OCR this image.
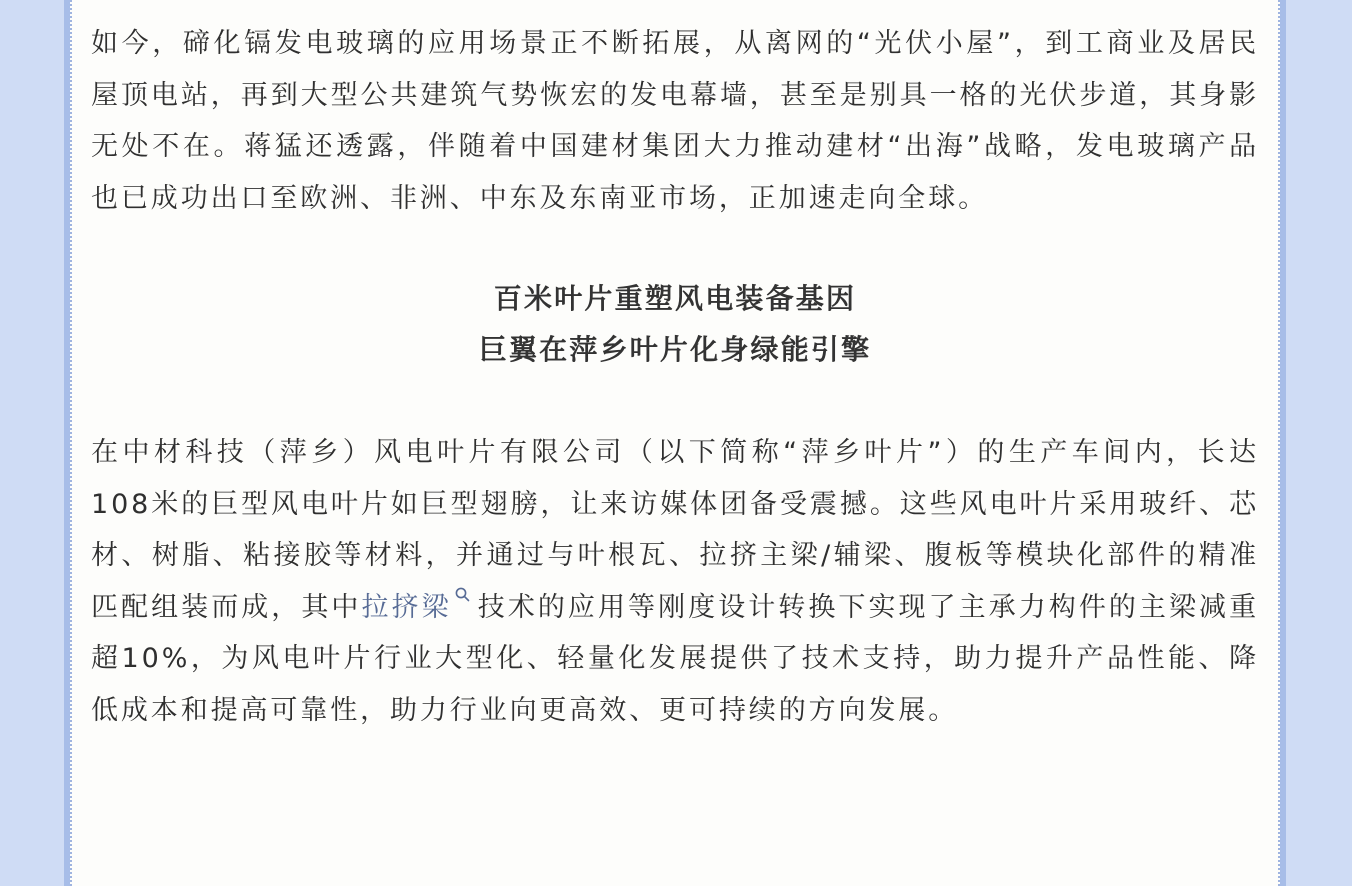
如今，碲化镉发电玻璃的应用场景正不断拓展，从离网的“光伏小屋”，到工商业及居民屋顶电站，再到大型公共建筑气势恢宏的发电幕墙，甚至是别具一格的光伏步道，其身影无处不在。蒋猛还透露，伴随着中国建材集团大力推动建材“出海”战略，发电玻璃产品也已成功出口至欧洲、非洲、中东及东南亚市场，正加速走向全球。

百米叶片重塑风电装备基因

巨翼在萍乡叶片化身绿能引擎

在中材科技（萍乡）风电叶片有限公司（以下简称“萍乡叶片”）的生产车间内，长达108米的巨型风电叶片如巨型翅膀，让来访媒体团备受震撼。这些风电叶片采用玻纤、芯材、树脂、粘接胶等材料，并通过与叶根瓦、拉挤主梁/辅梁、腹板等模块化部件的精准匹配组装而成，其中拉挤梁 技术的应用等刚度设计转换下实现了主承力构件的主梁减重超10%，为风电叶片行业大型化、轻量化发展提供了技术支持，助力提升产品性能、降低成本和提高可靠性，助力行业向更高效、更可持续的方向发展。
